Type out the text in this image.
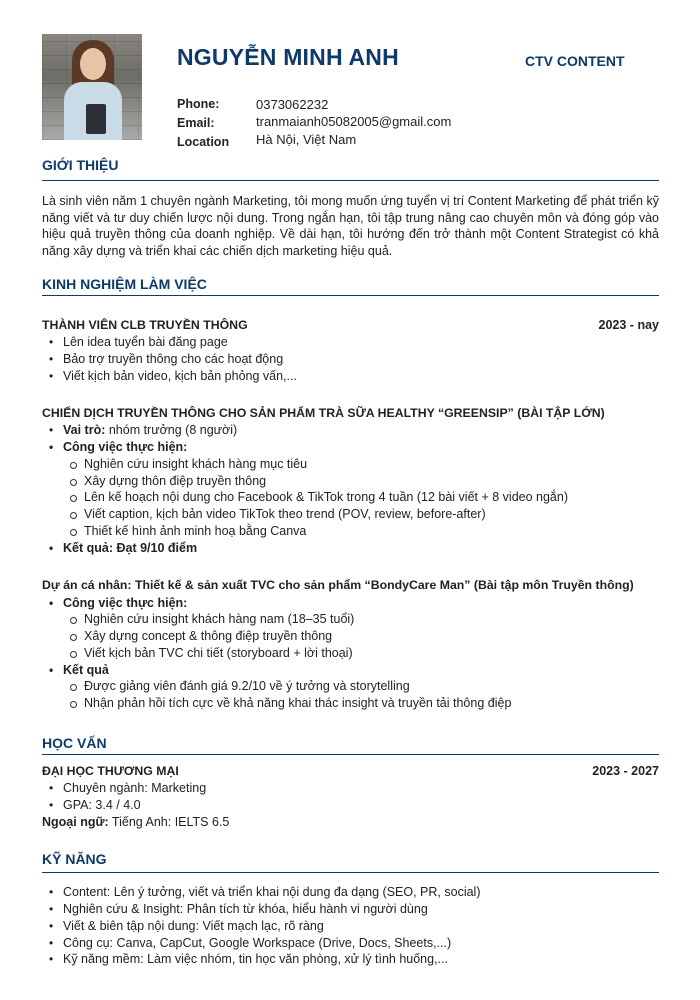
NGUYỄN MINH ANH	CTV CONTENT
Phone:	0373062232
Email:	tranmaianh05082005@gmail.com
Location Hà Nội, Việt Nam
GIỚI THIỆU
Là sinh viên năm 1 chuyên ngành Marketing, tôi mong muốn ứng tuyển vị trí Content Marketing để phát triển kỹ năng viết và tư duy chiến lược nội dung. Trong ngắn hạn, tôi tập trung nâng cao chuyên môn và đóng góp vào hiệu quả truyền thông của doanh nghiệp. Về dài hạn, tôi hướng đến trở thành một Content Strategist có khả năng xây dựng và triển khai các chiến dịch marketing hiệu quả.
KINH NGHIỆM LÀM VIỆC
THÀNH VIÊN CLB TRUYỀN THÔNG	2023 - nay
• Lên idea tuyển bài đăng page
• Bảo trợ truyền thông cho các hoạt động
• Viết kịch bản video, kịch bản phỏng vấn,...
CHIẾN DỊCH TRUYỀN THÔNG CHO SẢN PHẨM TRÀ SỮA HEALTHY “GREENSIP” (BÀI TẬP LỚN)
• Vai trò: nhóm trưởng (8 người)
• Công việc thực hiện:
Nghiên cứu insight khách hàng mục tiêu
Xây dựng thôn điệp truyền thông
Lên kế hoạch nội dung cho Facebook & TikTok trong 4 tuần (12 bài viết + 8 video ngắn)
Viết caption, kịch bản video TikTok theo trend (POV, review, before-after)
Thiết kế hình ảnh minh hoạ bằng Canva
• Kết quả: Đạt 9/10 điểm
Dự án cá nhân: Thiết kế & sản xuất TVC cho sản phẩm “BondyCare Man” (Bài tập môn Truyền thông)
• Công việc thực hiện:
Nghiên cứu insight khách hàng nam (18–35 tuổi)
Xây dựng concept & thông điệp truyền thông
Viết kịch bản TVC chi tiết (storyboard + lời thoại)
• Kết quả
Được giảng viên đánh giá 9.2/10 về ý tưởng và storytelling
Nhận phản hồi tích cực về khả năng khai thác insight và truyền tải thông điệp
HỌC VẤN
ĐẠI HỌC THƯƠNG MẠI	2023 - 2027
• Chuyên ngành: Marketing
• GPA: 3.4 / 4.0
Ngoại ngữ: Tiếng Anh: IELTS 6.5
KỸ NĂNG
• Content: Lên ý tưởng, viết và triển khai nội dung đa dạng (SEO, PR, social)
• Nghiên cứu & Insight: Phân tích từ khóa, hiểu hành vi người dùng
• Viết & biên tập nội dung: Viết mạch lạc, rõ ràng
• Công cụ: Canva, CapCut, Google Workspace (Drive, Docs, Sheets,...)
• Kỹ năng mềm: Làm việc nhóm, tin học văn phòng, xử lý tình huống,...
